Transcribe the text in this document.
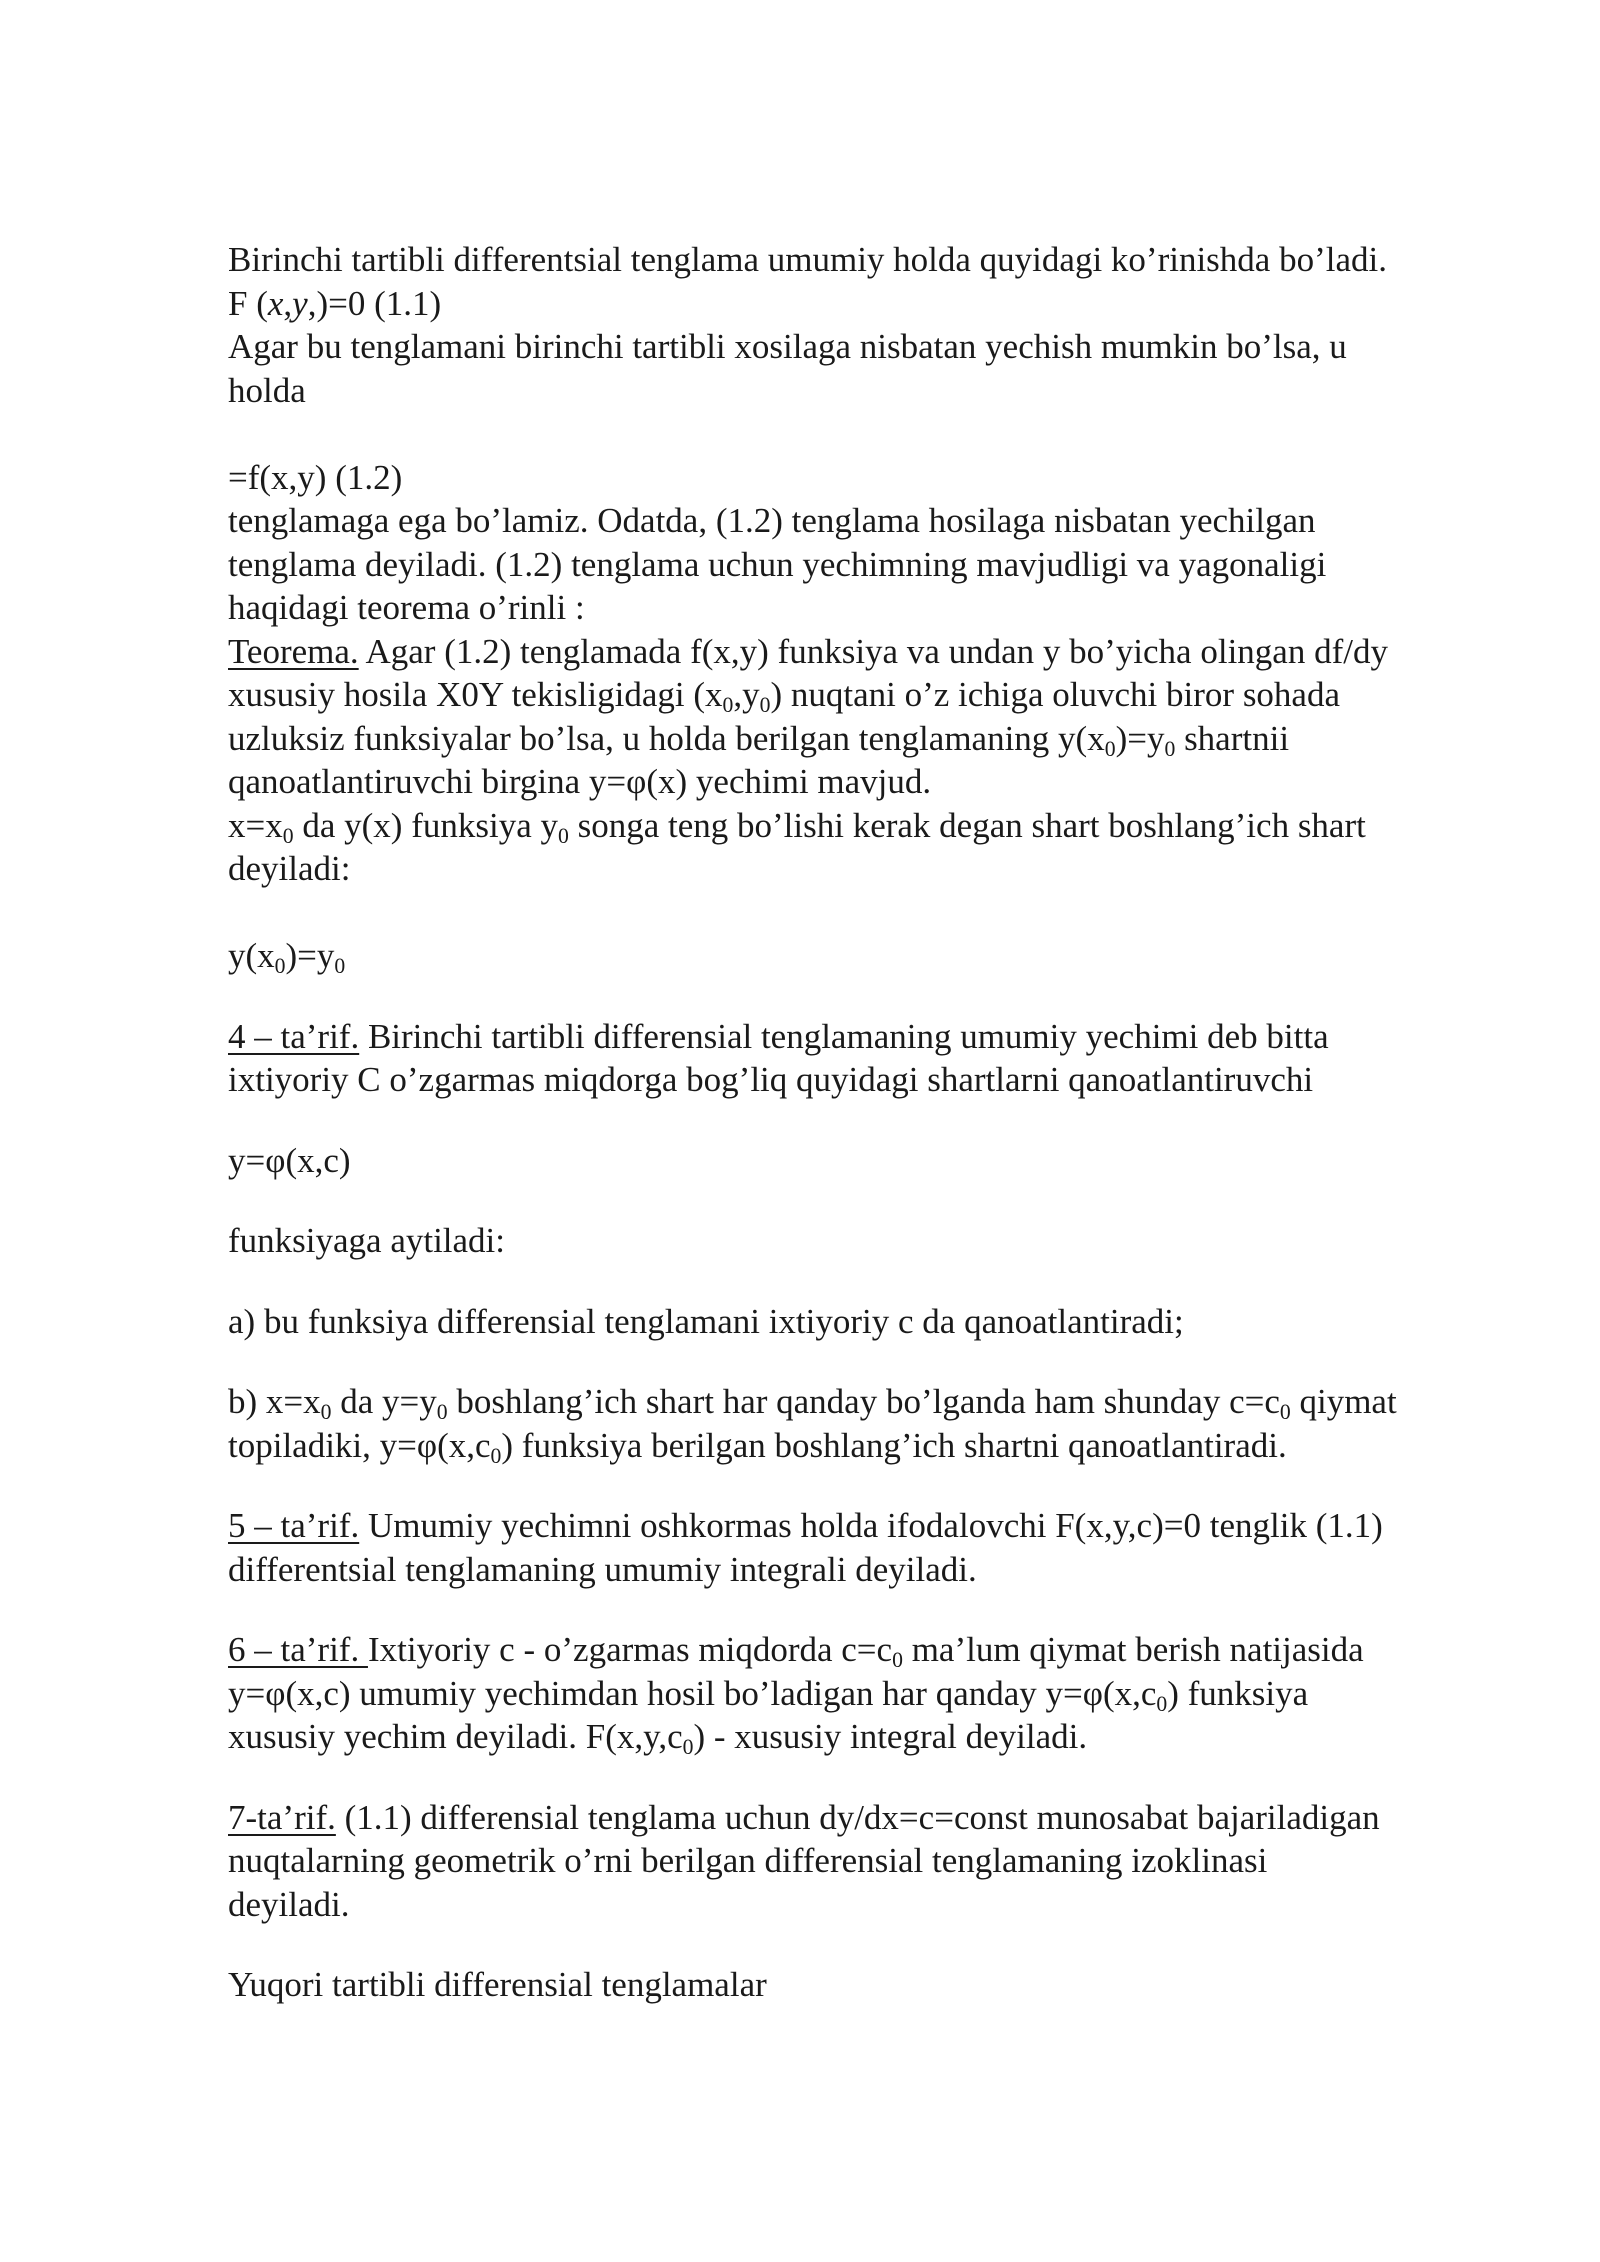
Birinchi tartibli differentsial tenglama umumiy holda quyidagi ko’rinishda bo’ladi.
F (x,y,)=0 (1.1)
Agar bu tenglamani birinchi tartibli xosilaga nisbatan yechish mumkin bo’lsa, u
holda
=f(x,y) (1.2)
tenglamaga ega bo’lamiz. Odatda, (1.2) tenglama hosilaga nisbatan yechilgan
tenglama deyiladi. (1.2) tenglama uchun yechimning mavjudligi va yagonaligi
haqidagi teorema o’rinli :
Teorema. Agar (1.2) tenglamada f(x,y) funksiya va undan y bo’yicha olingan df/dy
xususiy hosila X0Y tekisligidagi $(x_0,y_0)$ nuqtani o’z ichiga oluvchi biror sohada
uzluksiz funksiyalar bo’lsa, u holda berilgan tenglamaning $y(x_0)=y_0$ shartnii
qanoatlantiruvchi birgina y=φ(x) yechimi mavjud.
$x=x_0$ da y(x) funksiya $y_0$ songa teng bo’lishi kerak degan shart boshlang’ich shart
deyiladi:
$y(x_0)=y_0$
4 – ta’rif. Birinchi tartibli differensial tenglamaning umumiy yechimi deb bitta
ixtiyoriy C o’zgarmas miqdorga bog’liq quyidagi shartlarni qanoatlantiruvchi
y=φ(x,c)
funksiyaga aytiladi:
a) bu funksiya differensial tenglamani ixtiyoriy c da qanoatlantiradi;
b) $x=x_0$ da $y=y_0$ boshlang’ich shart har qanday bo’lganda ham shunday $c=c_0$ qiymat
topiladiki, $y=\varphi(x,c_0)$ funksiya berilgan boshlang’ich shartni qanoatlantiradi.
5 – ta’rif. Umumiy yechimni oshkormas holda ifodalovchi F(x,y,c)=0 tenglik (1.1)
differentsial tenglamaning umumiy integrali deyiladi.
6 – ta’rif. Ixtiyoriy c - o’zgarmas miqdorda $c=c_0$ ma’lum qiymat berish natijasida
y=φ(x,c) umumiy yechimdan hosil bo’ladigan har qanday $y=\varphi(x,c_0)$ funksiya
xususiy yechim deyiladi. $F(x,y,c_0)$ - xususiy integral deyiladi.
7-ta’rif. (1.1) differensial tenglama uchun dy/dx=c=const munosabat bajariladigan
nuqtalarning geometrik o’rni berilgan differensial tenglamaning izoklinasi
deyiladi.
Yuqori tartibli differensial tenglamalar
